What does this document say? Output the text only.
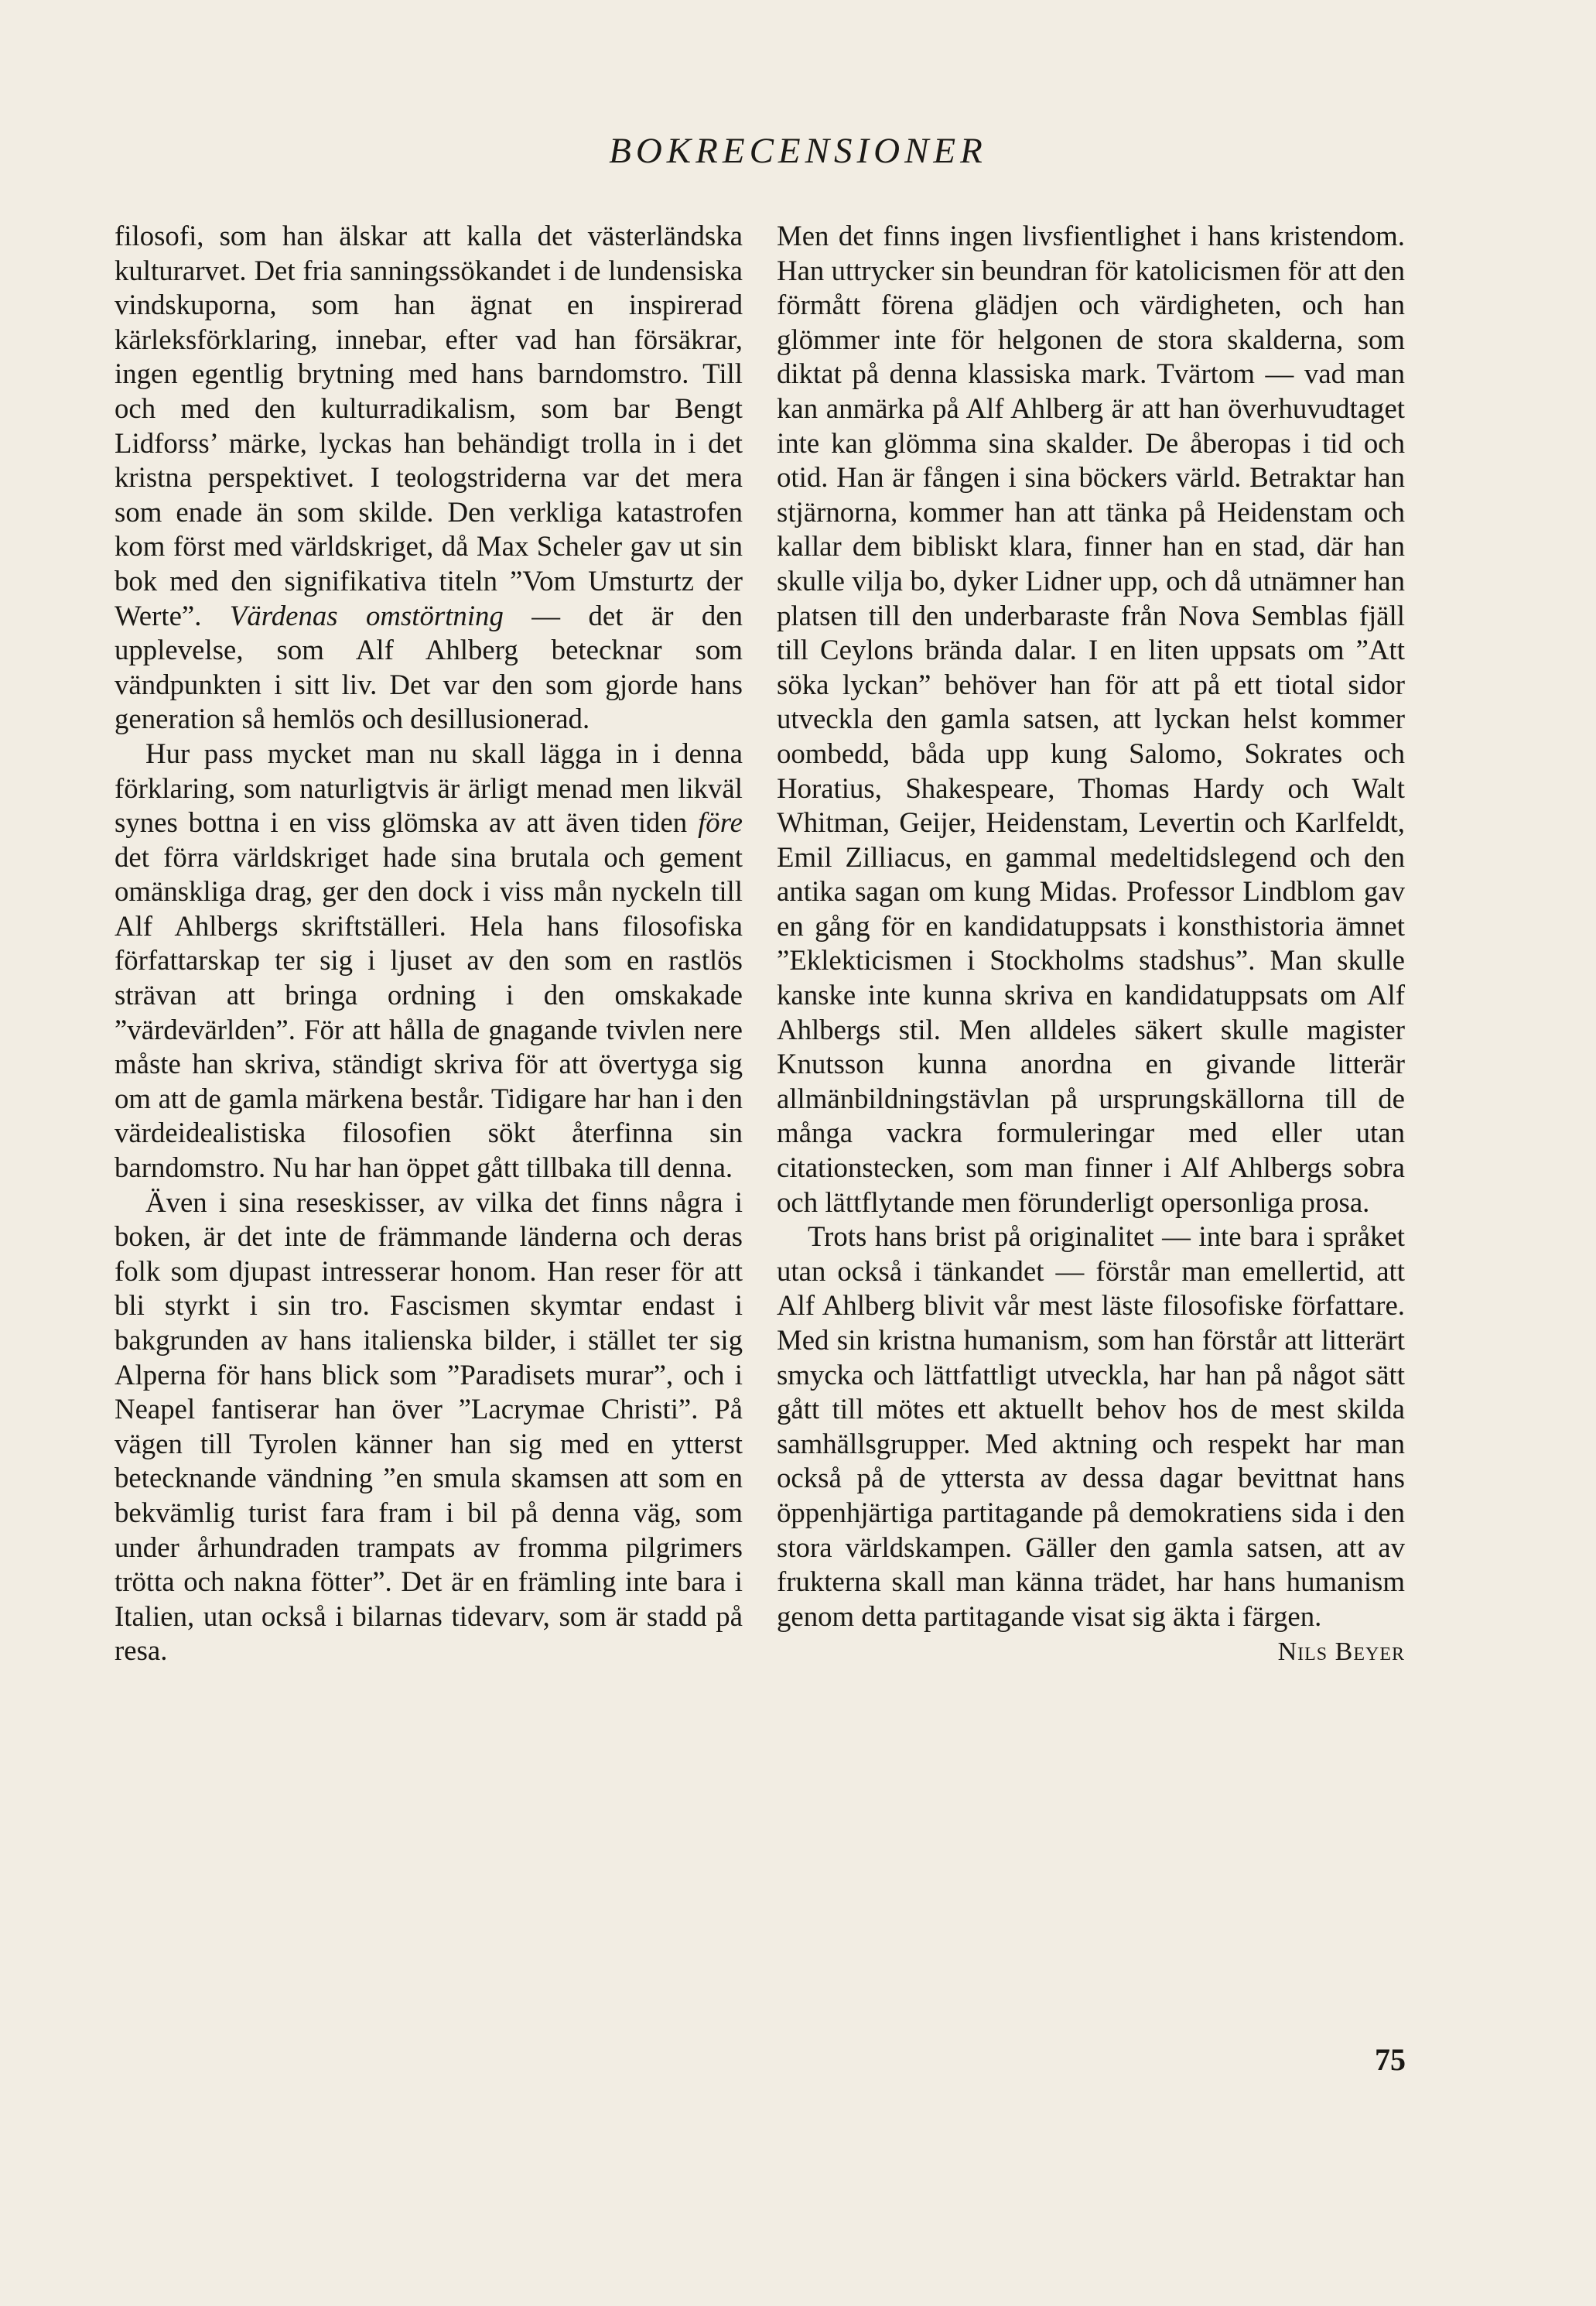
BOKRECENSIONER

filosofi, som han älskar att kalla det västerländska kulturarvet. Det fria sanningssökandet i de lundensiska vindskuporna, som han ägnat en inspirerad kärleksförklaring, innebar, efter vad han försäkrar, ingen egentlig brytning med hans barndomstro. Till och med den kulturradikalism, som bar Bengt Lidforss’ märke, lyckas han behändigt trolla in i det kristna perspektivet. I teologstriderna var det mera som enade än som skilde. Den verkliga katastrofen kom först med världskriget, då Max Scheler gav ut sin bok med den signifikativa titeln ”Vom Umsturtz der Werte”. Värdenas omstörtning — det är den upplevelse, som Alf Ahlberg betecknar som vändpunkten i sitt liv. Det var den som gjorde hans generation så hemlös och desillusionerad.

Hur pass mycket man nu skall lägga in i denna förklaring, som naturligtvis är ärligt menad men likväl synes bottna i en viss glömska av att även tiden före det förra världskriget hade sina brutala och gement omänskliga drag, ger den dock i viss mån nyckeln till Alf Ahlbergs skriftställeri. Hela hans filosofiska författarskap ter sig i ljuset av den som en rastlös strävan att bringa ordning i den omskakade ”värdevärlden”. För att hålla de gnagande tvivlen nere måste han skriva, ständigt skriva för att övertyga sig om att de gamla märkena består. Tidigare har han i den värdeidealistiska filosofien sökt återfinna sin barndomstro. Nu har han öppet gått tillbaka till denna.

Även i sina reseskisser, av vilka det finns några i boken, är det inte de främmande länderna och deras folk som djupast intresserar honom. Han reser för att bli styrkt i sin tro. Fascismen skymtar endast i bakgrunden av hans italienska bilder, i stället ter sig Alperna för hans blick som ”Paradisets murar”, och i Neapel fantiserar han över ”Lacrymae Christi”. På vägen till Tyrolen känner han sig med en ytterst betecknande vändning ”en smula skamsen att som en bekvämlig turist fara fram i bil på denna väg, som under århundraden trampats av fromma pilgrimers trötta och nakna fötter”. Det är en främling inte bara i Italien, utan också i bilarnas tidevarv, som är stadd på resa.

Men det finns ingen livsfientlighet i hans kristendom. Han uttrycker sin beundran för katolicismen för att den förmått förena glädjen och värdigheten, och han glömmer inte för helgonen de stora skalderna, som diktat på denna klassiska mark. Tvärtom — vad man kan anmärka på Alf Ahlberg är att han överhuvudtaget inte kan glömma sina skalder. De åberopas i tid och otid. Han är fången i sina böckers värld. Betraktar han stjärnorna, kommer han att tänka på Heidenstam och kallar dem bibliskt klara, finner han en stad, där han skulle vilja bo, dyker Lidner upp, och då utnämner han platsen till den underbaraste från Nova Semblas fjäll till Ceylons brända dalar. I en liten uppsats om ”Att söka lyckan” behöver han för att på ett tiotal sidor utveckla den gamla satsen, att lyckan helst kommer oombedd, båda upp kung Salomo, Sokrates och Horatius, Shakespeare, Thomas Hardy och Walt Whitman, Geijer, Heidenstam, Levertin och Karlfeldt, Emil Zilliacus, en gammal medeltidslegend och den antika sagan om kung Midas. Professor Lindblom gav en gång för en kandidatuppsats i konsthistoria ämnet ”Eklekticismen i Stockholms stadshus”. Man skulle kanske inte kunna skriva en kandidatuppsats om Alf Ahlbergs stil. Men alldeles säkert skulle magister Knutsson kunna anordna en givande litterär allmänbildningstävlan på ursprungskällorna till de många vackra formuleringar med eller utan citationstecken, som man finner i Alf Ahlbergs sobra och lättflytande men förunderligt opersonliga prosa.

Trots hans brist på originalitet — inte bara i språket utan också i tänkandet — förstår man emellertid, att Alf Ahlberg blivit vår mest läste filosofiske författare. Med sin kristna humanism, som han förstår att litterärt smycka och lättfattligt utveckla, har han på något sätt gått till mötes ett aktuellt behov hos de mest skilda samhällsgrupper. Med aktning och respekt har man också på de yttersta av dessa dagar bevittnat hans öppenhjärtiga partitagande på demokratiens sida i den stora världskampen. Gäller den gamla satsen, att av frukterna skall man känna trädet, har hans humanism genom detta partitagande visat sig äkta i färgen.

Nils Beyer
75
